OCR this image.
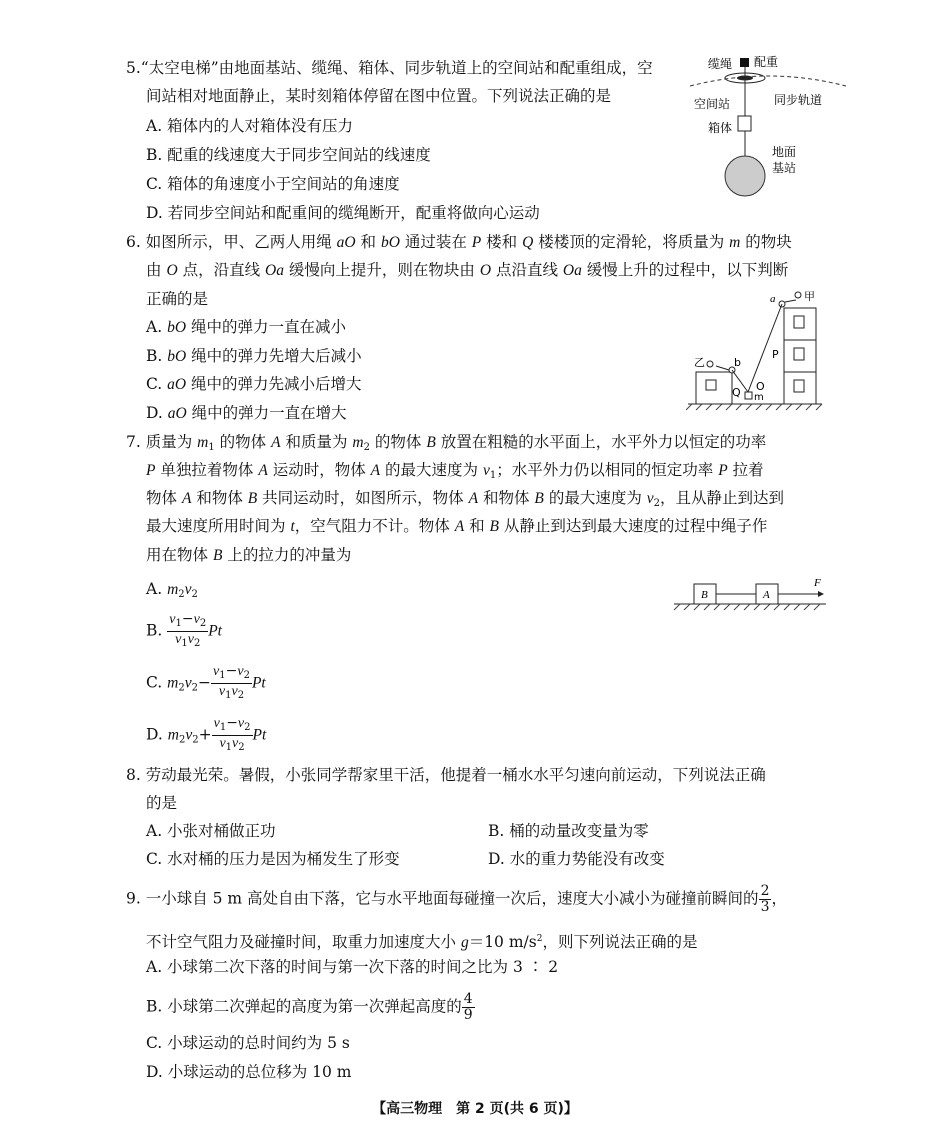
5.“太空电梯”由地面基站、缆绳、箱体、同步轨道上的空间站和配重组成，空
间站相对地面静止，某时刻箱体停留在图中位置。下列说法正确的是
A. 箱体内的人对箱体没有压力
B. 配重的线速度大于同步空间站的线速度
C. 箱体的角速度小于空间站的角速度
D. 若同步空间站和配重间的缆绳断开，配重将做向心运动
缆绳 配重
空间站	同步轨道
箱体
地面
基站
6. 如图所示，甲、乙两人用绳 aO 和 bO 通过装在 P 楼和 Q 楼楼顶的定滑轮，将质量为 m 的物块
由 O 点，沿直线 Oa 缓慢向上提升，则在物块由 O 点沿直线 Oa 缓慢上升的过程中，以下判断
正确的是
A. bO 绳中的弹力一直在减小
B. bO 绳中的弹力先增大后减小
C. aO 绳中的弹力先减小后增大
D. aO 绳中的弹力一直在增大
a	甲
乙	b
P
Q O
m
7. 质量为 $m_1$ 的物体 A 和质量为 $m_2$ 的物体 B 放置在粗糙的水平面上，水平外力以恒定的功率
P 单独拉着物体 A 运动时，物体 A 的最大速度为 $v_1$；水平外力仍以相同的恒定功率 P 拉着
物体 A 和物体 B 共同运动时，如图所示，物体 A 和物体 B 的最大速度为 $v_2$，且从静止到达到
最大速度所用时间为 t，空气阻力不计。物体 A 和 B 从静止到达到最大速度的过程中绳子作
用在物体 B 上的拉力的冲量为
A. $m_2v_2$
B. $\frac{v_1-v_2}{v_1v_2}$ Pt
C. $m_2v_2- \frac{v_1-v_2}{v_1v_2}$ Pt
D. $m_2v_2+ \frac{v_1-v_2}{v_1v_2}$ Pt
B	A
F
8. 劳动最光荣。暑假，小张同学帮家里干活，他提着一桶水水平匀速向前运动，下列说法正确
的是
A. 小张对桶做正功	B. 桶的动量改变量为零
C. 水对桶的压力是因为桶发生了形变	D. 水的重力势能没有改变
9. 一小球自 5 m 高处自由下落，它与水平地面每碰撞一次后，速度大小减小为碰撞前瞬间的 $\frac{2}{3}$ ，
不计空气阻力及碰撞时间，取重力加速度大小 g＝10 $m/s^2$，则下列说法正确的是
A. 小球第二次下落的时间与第一次下落的时间之比为 3 ∶ 2
B. 小球第二次弹起的高度为第一次弹起高度的 $\frac{4}{9}$
C. 小球运动的总时间约为 5 s
D. 小球运动的总位移为 10 m
【高三物理　第 2 页(共 6 页)】
